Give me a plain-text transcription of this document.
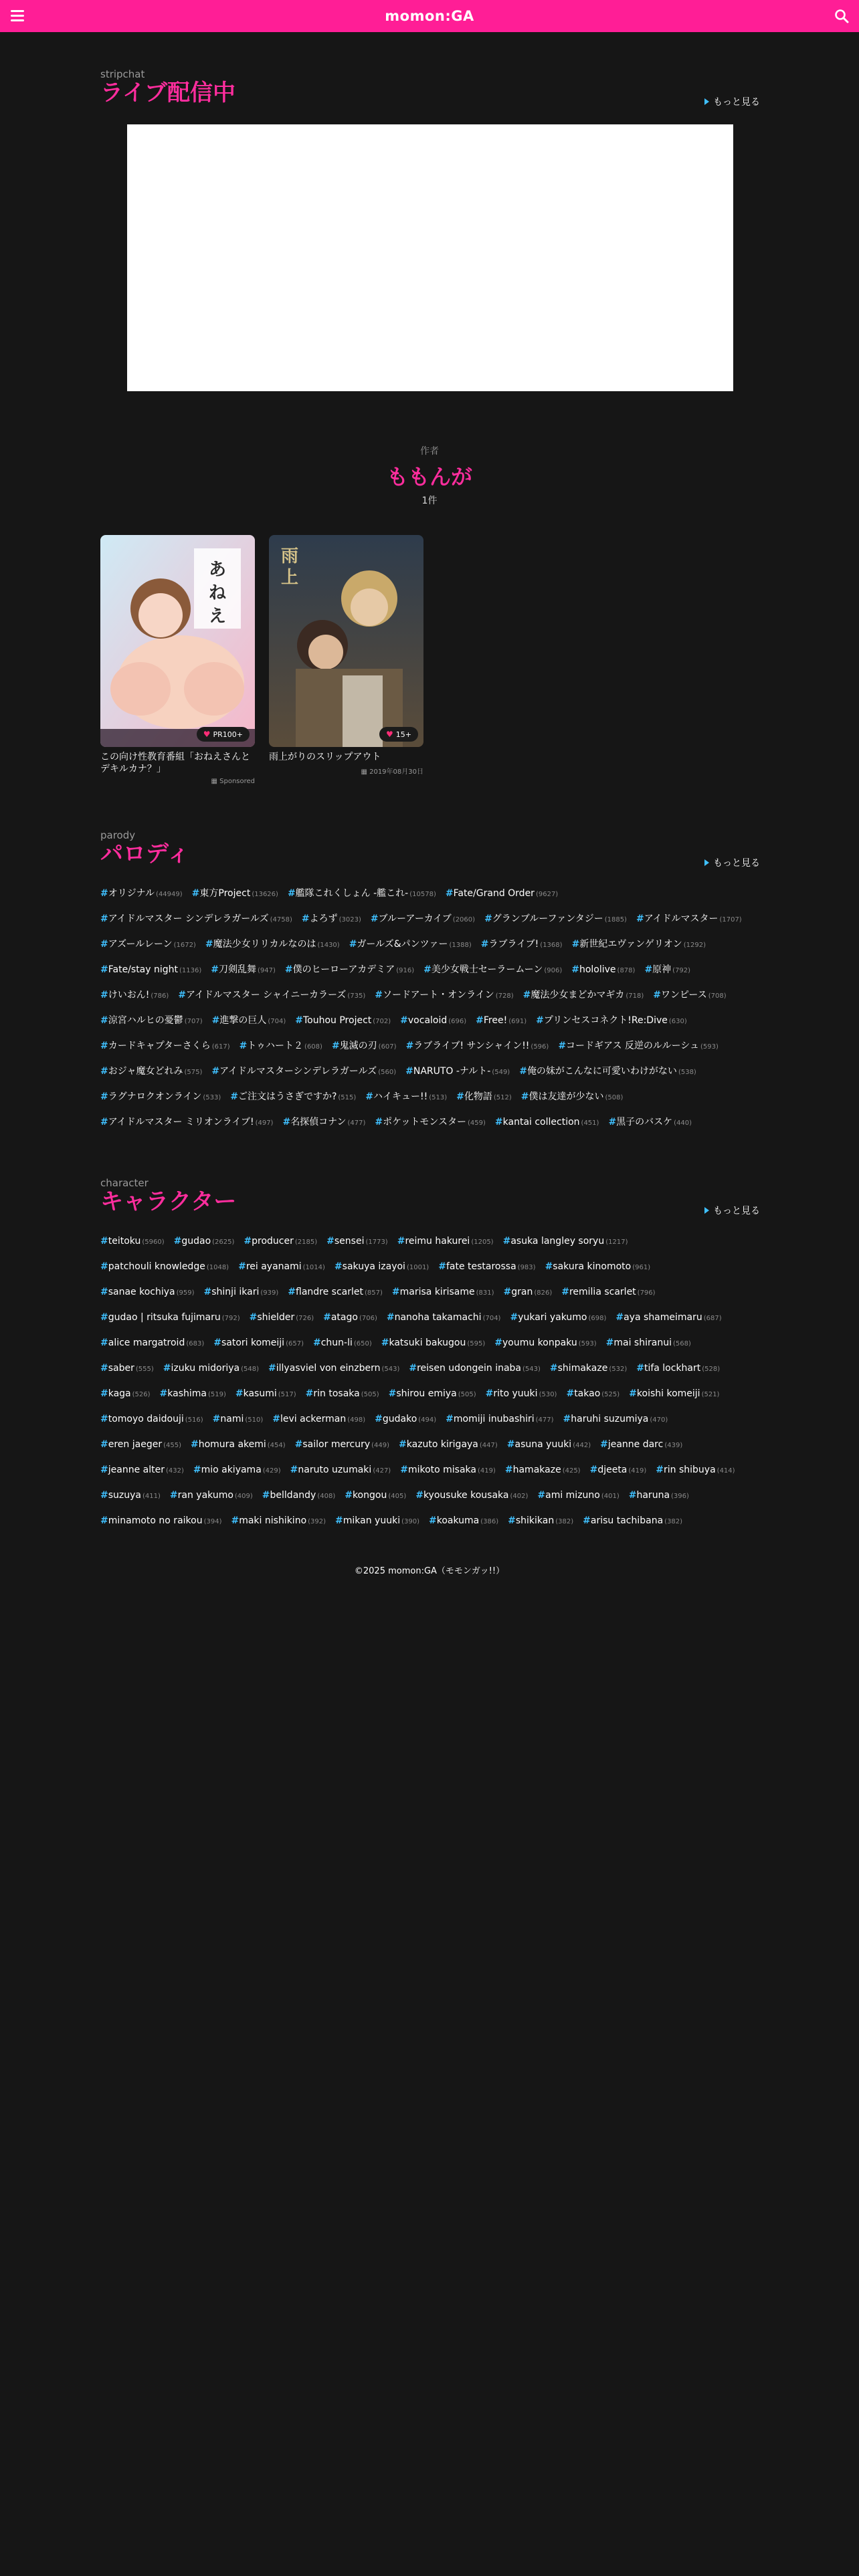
momon:GA
stripchat
ライブ配信中	もっと見る
作者
ももんが
1件
あ
ね
え
♥ PR100+
この向け性教育番組「おねえさんとデキルカナ？」
▦ Sponsored
雨
上
♥ 15+
雨上がりのスリップアウト
▦ 2019年08月30日
parody
パロディ	もっと見る
#オリジナル (44949) #東方Project (13626) #艦隊これくしょん -艦これ- (10578) #Fate/Grand Order (9627)#アイドルマスター シンデレラガールズ (4758) #よろず (3023) #ブルーアーカイブ (2060) #グランブルーファンタジー (1885) #アイドルマスター (1707)#アズールレーン (1672) #魔法少女リリカルなのは (1430) #ガールズ&パンツァー (1388) #ラブライブ! (1368) #新世紀エヴァンゲリオン (1292)#Fate/stay night (1136) #刀剣乱舞 (947) #僕のヒーローアカデミア (916) #美少女戦士セーラームーン (906) #hololive (878) #原神 (792)#けいおん! (786) #アイドルマスター シャイニーカラーズ (735) #ソードアート・オンライン (728) #魔法少女まどかマギカ (718) #ワンピース (708)#涼宮ハルヒの憂鬱 (707) #進撃の巨人 (704) #Touhou Project (702) #vocaloid (696) #Free! (691) #プリンセスコネクト!Re:Dive (630)#カードキャプターさくら (617) #トゥハート２ (608) #鬼滅の刃 (607) #ラブライブ! サンシャイン!! (596) #コードギアス 反逆のルルーシュ (593)#おジャ魔女どれみ (575) #アイドルマスターシンデレラガールズ (560) #NARUTO -ナルト- (549) #俺の妹がこんなに可愛いわけがない (538)#ラグナロクオンライン (533) #ご注文はうさぎですか? (515) #ハイキュー!! (513) #化物語 (512) #僕は友達が少ない (508)#アイドルマスター ミリオンライブ! (497) #名探偵コナン (477) #ポケットモンスター (459) #kantai collection (451) #黒子のバスケ (440)
character
キャラクター	もっと見る
#teitoku (5960) #gudao (2625) #producer (2185) #sensei (1773) #reimu hakurei (1205) #asuka langley soryu (1217)#patchouli knowledge (1048) #rei ayanami (1014) #sakuya izayoi (1001) #fate testarossa (983) #sakura kinomoto (961)#sanae kochiya (959) #shinji ikari (939) #flandre scarlet (857) #marisa kirisame (831) #gran (826) #remilia scarlet (796)#gudao | ritsuka fujimaru (792) #shielder (726) #atago (706) #nanoha takamachi (704) #yukari yakumo (698) #aya shameimaru (687)#alice margatroid (683) #satori komeiji (657) #chun-li (650) #katsuki bakugou (595) #youmu konpaku (593) #mai shiranui (568)#saber (555) #izuku midoriya (548) #illyasviel von einzbern (543) #reisen udongein inaba (543) #shimakaze (532) #tifa lockhart (528)#kaga (526) #kashima (519) #kasumi (517) #rin tosaka (505) #shirou emiya (505) #rito yuuki (530) #takao (525) #koishi komeiji (521)#tomoyo daidouji (516) #nami (510) #levi ackerman (498) #gudako (494) #momiji inubashiri (477) #haruhi suzumiya (470)#eren jaeger (455) #homura akemi (454) #sailor mercury (449) #kazuto kirigaya (447) #asuna yuuki (442) #jeanne darc (439)#jeanne alter (432) #mio akiyama (429) #naruto uzumaki (427) #mikoto misaka (419) #hamakaze (425) #djeeta (419) #rin shibuya (414)#suzuya (411) #ran yakumo (409) #belldandy (408) #kongou (405) #kyousuke kousaka (402) #ami mizuno (401) #haruna (396)#minamoto no raikou (394) #maki nishikino (392) #mikan yuuki (390) #koakuma (386) #shikikan (382) #arisu tachibana (382)
©2025 momon:GA（モモンガッ!!）
